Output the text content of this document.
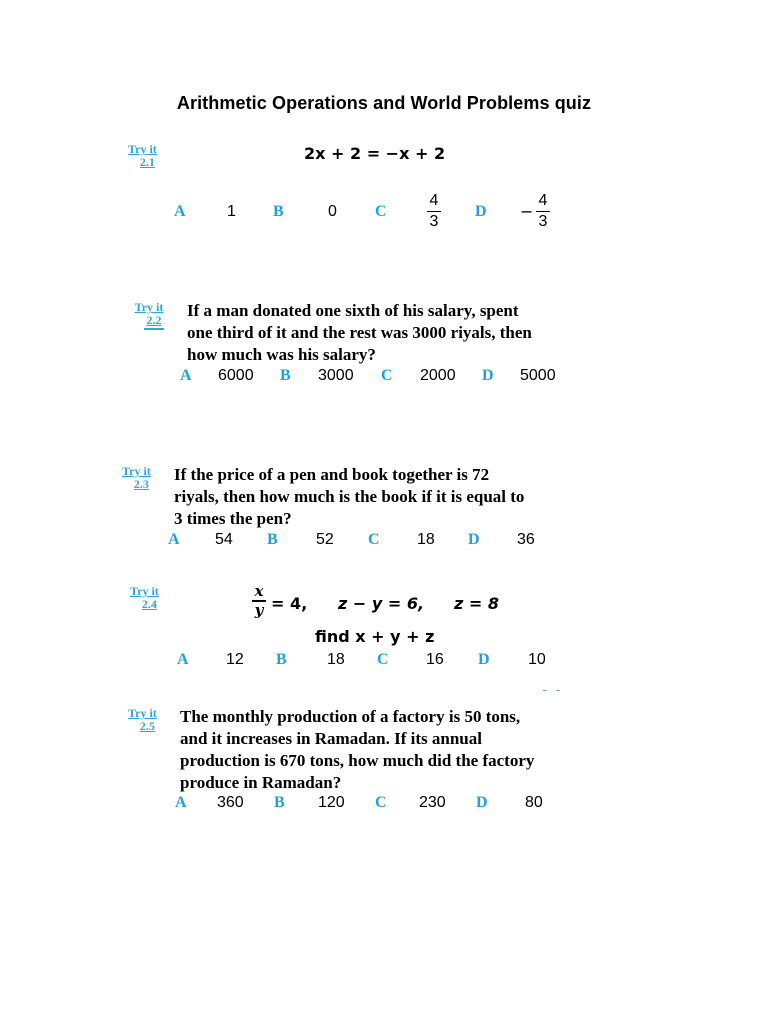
Arithmetic Operations and World Problems quiz
Try it
2.1	2x + 2 = −x + 2
A	1 B	0 C
4
3
D −
4
3
Try it
2.2 If a man donated one sixth of his salary, spent
one third of it and the rest was 3000 riyals, then
how much was his salary?
A 6000 B 3000 C 2000 D 5000
Try it
2.3 If the price of a pen and book together is 72
riyals, then how much is the book if it is equal to
3 times the pen?
A 54 B 52 C 18 D 36
Try it
2.4
x
y = 4, z − y = 6, z = 8
find x + y + z
A 12 B	18 C 16 D 10
Try it
2.5 The monthly production of a factory is 50 tons,
and it increases in Ramadan. If its annual
production is 670 tons, how much did the factory
produce in Ramadan?
A 360 B 120 C 230 D 80
